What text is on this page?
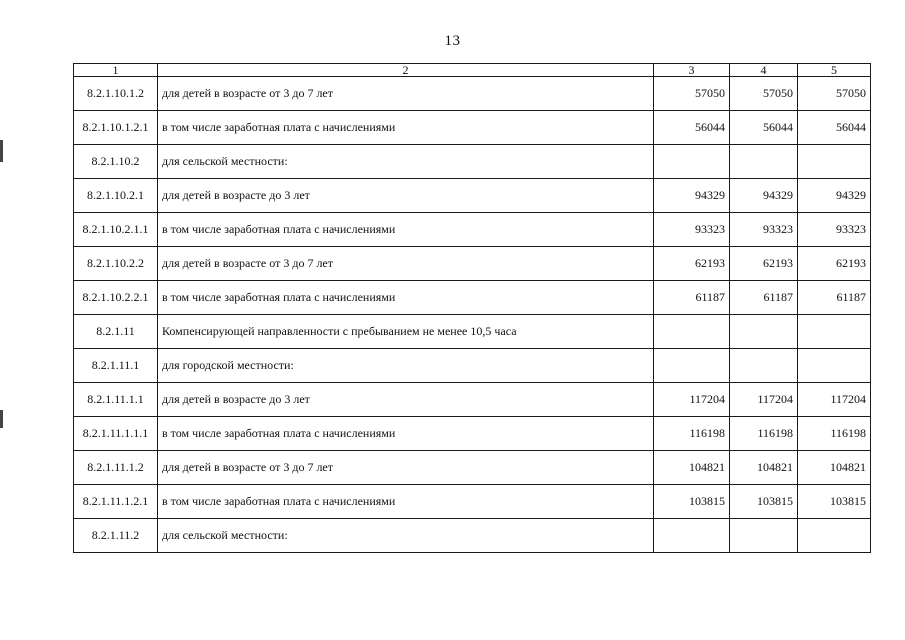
13
1	2	3	4	5
8.2.1.10.1.2	для детей в возрасте от 3 до 7 лет	57050	57050	57050
8.2.1.10.1.2.1	в том числе заработная плата с начислениями	56044	56044	56044
8.2.1.10.2	для сельской местности:			
8.2.1.10.2.1	для детей в возрасте до 3 лет	94329	94329	94329
8.2.1.10.2.1.1	в том числе заработная плата с начислениями	93323	93323	93323
8.2.1.10.2.2	для детей в возрасте от 3 до 7 лет	62193	62193	62193
8.2.1.10.2.2.1	в том числе заработная плата с начислениями	61187	61187	61187
8.2.1.11	Компенсирующей направленности с пребыванием не менее 10,5 часа			
8.2.1.11.1	для городской местности:			
8.2.1.11.1.1	для детей в возрасте до 3 лет	117204	117204	117204
8.2.1.11.1.1.1	в том числе заработная плата с начислениями	116198	116198	116198
8.2.1.11.1.2	для детей в возрасте от 3 до 7 лет	104821	104821	104821
8.2.1.11.1.2.1	в том числе заработная плата с начислениями	103815	103815	103815
8.2.1.11.2	для сельской местности:			
